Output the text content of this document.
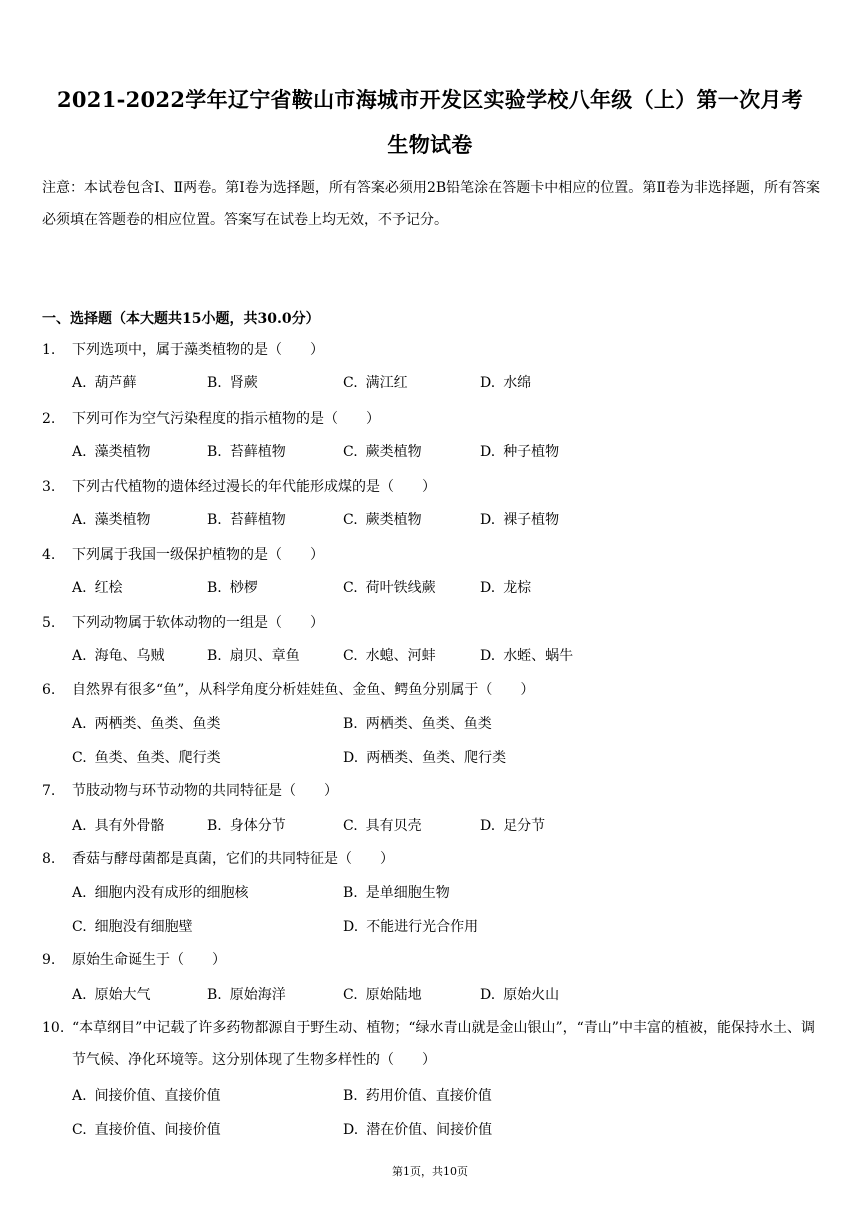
2021-2022学年辽宁省鞍山市海城市开发区实验学校八年级（上）第一次月考
生物试卷
注意：本试卷包含Ⅰ、Ⅱ两卷。第Ⅰ卷为选择题，所有答案必须用2B铅笔涂在答题卡中相应的位置。第Ⅱ卷为非选择题，所有答案必须填在答题卷的相应位置。答案写在试卷上均无效，不予记分。
一、选择题（本大题共15小题，共30.0分）
1. 下列选项中，属于藻类植物的是（　　）
A. 葫芦藓	B. 肾蕨	C. 满江红	D. 水绵
2. 下列可作为空气污染程度的指示植物的是（　　）
A. 藻类植物	B. 苔藓植物	C. 蕨类植物	D. 种子植物
3. 下列古代植物的遗体经过漫长的年代能形成煤的是（　　）
A. 藻类植物	B. 苔藓植物	C. 蕨类植物	D. 裸子植物
4. 下列属于我国一级保护植物的是（　　）
A. 红桧	B. 桫椤	C. 荷叶铁线蕨	D. 龙棕
5. 下列动物属于软体动物的一组是（　　）
A. 海龟、乌贼	B. 扇贝、章鱼	C. 水螅、河蚌	D. 水蛭、蜗牛
6. 自然界有很多“鱼”，从科学角度分析娃娃鱼、金鱼、鳄鱼分别属于（　　）
A. 两栖类、鱼类、鱼类	B. 两栖类、鱼类、鱼类
C. 鱼类、鱼类、爬行类	D. 两栖类、鱼类、爬行类
7. 节肢动物与环节动物的共同特征是（　　）
A. 具有外骨骼	B. 身体分节	C. 具有贝壳	D. 足分节
8. 香菇与酵母菌都是真菌，它们的共同特征是（　　）
A. 细胞内没有成形的细胞核	B. 是单细胞生物
C. 细胞没有细胞壁	D. 不能进行光合作用
9. 原始生命诞生于（　　）
A. 原始大气	B. 原始海洋	C. 原始陆地	D. 原始火山
10. “本草纲目”中记载了许多药物都源自于野生动、植物；“绿水青山就是金山银山”，“青山”中丰富的植被，能保持水土、调节气候、净化环境等。这分别体现了生物多样性的（　　）
A. 间接价值、直接价值	B. 药用价值、直接价值
C. 直接价值、间接价值	D. 潜在价值、间接价值
第1页，共10页
